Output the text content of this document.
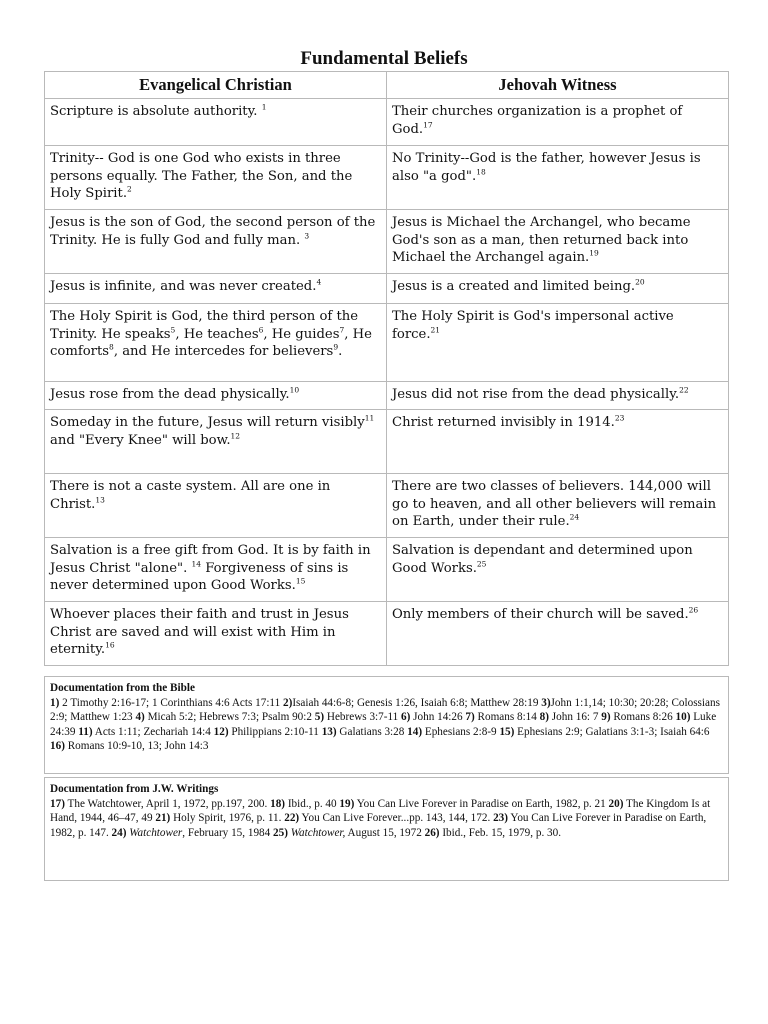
Fundamental Beliefs
Evangelical Christian	Jehovah Witness
Scripture is absolute authority. $^1$	Their churches organization is a prophet of God.$^{17}$
Trinity-- God is one God who exists in three persons equally. The Father, the Son, and the Holy Spirit.$^2$	No Trinity--God is the father, however Jesus is also "a god".$^{18}$
Jesus is the son of God, the second person of the Trinity. He is fully God and fully man. $^3$	Jesus is Michael the Archangel, who became God's son as a man, then returned back into Michael the Archangel again.$^{19}$
Jesus is infinite, and was never created.$^4$	Jesus is a created and limited being.$^{20}$
The Holy Spirit is God, the third person of the Trinity. He speaks$^5$, He teaches$^6$, He guides$^7$, He comforts$^8$, and He intercedes for believers$^9$.	The Holy Spirit is God's impersonal active force.$^{21}$
Jesus rose from the dead physically.$^{10}$	Jesus did not rise from the dead physically.$^{22}$
Someday in the future, Jesus will return visibly$^{11}$ and "Every Knee" will bow.$^{12}$	Christ returned invisibly in 1914.23
There is not a caste system. All are one in Christ.$^{13}$	There are two classes of believers. 144,000 will go to heaven, and all other believers will remain on Earth, under their rule.$^{24}$
Salvation is a free gift from God. It is by faith in Jesus Christ "alone". $^{14}$ Forgiveness of sins is never determined upon Good Works.$^{15}$	Salvation is dependant and determined upon Good Works.$^{25}$
Whoever places their faith and trust in Jesus Christ are saved and will exist with Him in eternity.$^{16}$	Only members of their church will be saved.$^{26}$
Documentation from the Bible
1) 2 Timothy 2:16-17; 1 Corinthians 4:6 Acts 17:11 2)Isaiah 44:6-8; Genesis 1:26, Isaiah 6:8; Matthew 28:19 3)John 1:1,14; 10:30; 20:28; Colossians 2:9; Matthew 1:23 4) Micah 5:2; Hebrews 7:3; Psalm 90:2 5) Hebrews 3:7-11 6) John 14:26 7) Romans 8:14 8) John 16: 7 9) Romans 8:26 10) Luke 24:39 11) Acts 1:11; Zechariah 14:4 12) Philippians 2:10-11 13) Galatians 3:28 14) Ephesians 2:8-9 15) Ephesians 2:9; Galatians 3:1-3; Isaiah 64:6 16) Romans 10:9-10, 13; John 14:3
Documentation from J.W. Writings
17) The Watchtower, April 1, 1972, pp.197, 200. 18) Ibid., p. 40 19) You Can Live Forever in Paradise on Earth, 1982, p. 21 20) The Kingdom Is at Hand, 1944, 46–47, 49 21) Holy Spirit, 1976, p. 11. 22) You Can Live Forever...pp. 143, 144, 172. 23) You Can Live Forever in Paradise on Earth, 1982, p. 147. 24) Watchtower, February 15, 1984 25) Watchtower, August 15, 1972 26) Ibid., Feb. 15, 1979, p. 30.
